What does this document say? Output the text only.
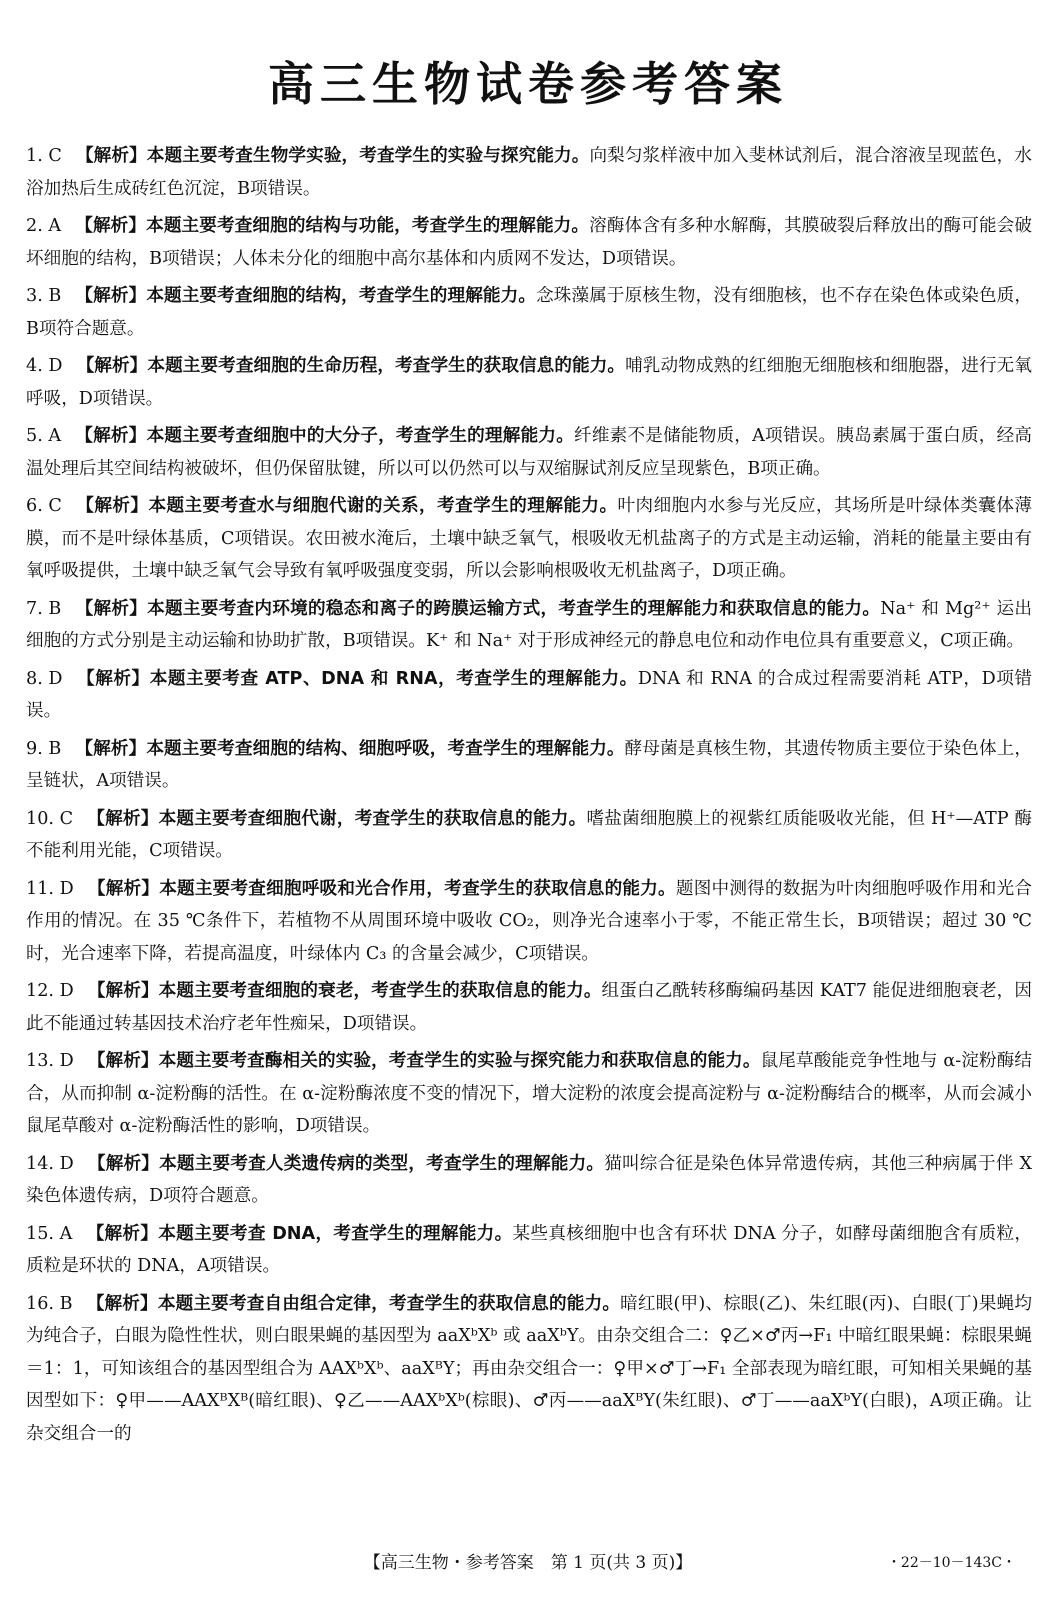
高三生物试卷参考答案
1. C 【解析】本题主要考查生物学实验，考查学生的实验与探究能力。向梨匀浆样液中加入斐林试剂后，混合溶液呈现蓝色，水浴加热后生成砖红色沉淀，B项错误。
2. A 【解析】本题主要考查细胞的结构与功能，考查学生的理解能力。溶酶体含有多种水解酶，其膜破裂后释放出的酶可能会破坏细胞的结构，B项错误；人体未分化的细胞中高尔基体和内质网不发达，D项错误。
3. B 【解析】本题主要考查细胞的结构，考查学生的理解能力。念珠藻属于原核生物，没有细胞核，也不存在染色体或染色质，B项符合题意。
4. D 【解析】本题主要考查细胞的生命历程，考查学生的获取信息的能力。哺乳动物成熟的红细胞无细胞核和细胞器，进行无氧呼吸，D项错误。
5. A 【解析】本题主要考查细胞中的大分子，考查学生的理解能力。纤维素不是储能物质，A项错误。胰岛素属于蛋白质，经高温处理后其空间结构被破坏，但仍保留肽键，所以可以仍然可以与双缩脲试剂反应呈现紫色，B项正确。
6. C 【解析】本题主要考查水与细胞代谢的关系，考查学生的理解能力。叶肉细胞内水参与光反应，其场所是叶绿体类囊体薄膜，而不是叶绿体基质，C项错误。农田被水淹后，土壤中缺乏氧气，根吸收无机盐离子的方式是主动运输，消耗的能量主要由有氧呼吸提供，土壤中缺乏氧气会导致有氧呼吸强度变弱，所以会影响根吸收无机盐离子，D项正确。
7. B 【解析】本题主要考查内环境的稳态和离子的跨膜运输方式，考查学生的理解能力和获取信息的能力。Na⁺ 和 Mg²⁺ 运出细胞的方式分别是主动运输和协助扩散，B项错误。K⁺ 和 Na⁺ 对于形成神经元的静息电位和动作电位具有重要意义，C项正确。
8. D 【解析】本题主要考查 ATP、DNA 和 RNA，考查学生的理解能力。DNA 和 RNA 的合成过程需要消耗 ATP，D项错误。
9. B 【解析】本题主要考查细胞的结构、细胞呼吸，考查学生的理解能力。酵母菌是真核生物，其遗传物质主要位于染色体上，呈链状，A项错误。
10. C 【解析】本题主要考查细胞代谢，考查学生的获取信息的能力。嗜盐菌细胞膜上的视紫红质能吸收光能，但 H⁺—ATP 酶不能利用光能，C项错误。
11. D 【解析】本题主要考查细胞呼吸和光合作用，考查学生的获取信息的能力。题图中测得的数据为叶肉细胞呼吸作用和光合作用的情况。在 35 ℃条件下，若植物不从周围环境中吸收 CO₂，则净光合速率小于零，不能正常生长，B项错误；超过 30 ℃时，光合速率下降，若提高温度，叶绿体内 C₃ 的含量会减少，C项错误。
12. D 【解析】本题主要考查细胞的衰老，考查学生的获取信息的能力。组蛋白乙酰转移酶编码基因 KAT7 能促进细胞衰老，因此不能通过转基因技术治疗老年性痴呆，D项错误。
13. D 【解析】本题主要考查酶相关的实验，考查学生的实验与探究能力和获取信息的能力。鼠尾草酸能竞争性地与 α-淀粉酶结合，从而抑制 α-淀粉酶的活性。在 α-淀粉酶浓度不变的情况下，增大淀粉的浓度会提高淀粉与 α-淀粉酶结合的概率，从而会减小鼠尾草酸对 α-淀粉酶活性的影响，D项错误。
14. D 【解析】本题主要考查人类遗传病的类型，考查学生的理解能力。猫叫综合征是染色体异常遗传病，其他三种病属于伴 X 染色体遗传病，D项符合题意。
15. A 【解析】本题主要考查 DNA，考查学生的理解能力。某些真核细胞中也含有环状 DNA 分子，如酵母菌细胞含有质粒，质粒是环状的 DNA，A项错误。
16. B 【解析】本题主要考查自由组合定律，考查学生的获取信息的能力。暗红眼(甲)、棕眼(乙)、朱红眼(丙)、白眼(丁)果蝇均为纯合子，白眼为隐性性状，则白眼果蝇的基因型为 aaXᵇXᵇ 或 aaXᵇY。由杂交组合二：♀乙×♂丙→F₁ 中暗红眼果蝇：棕眼果蝇＝1：1，可知该组合的基因型组合为 AAXᵇXᵇ、aaXᴮY；再由杂交组合一：♀甲×♂丁→F₁ 全部表现为暗红眼，可知相关果蝇的基因型如下：♀甲——AAXᴮXᴮ(暗红眼)、♀乙——AAXᵇXᵇ(棕眼)、♂丙——aaXᴮY(朱红眼)、♂丁——aaXᵇY(白眼)，A项正确。让杂交组合一的
【高三生物・参考答案　第 1 页(共 3 页)】	・22－10－143C・
